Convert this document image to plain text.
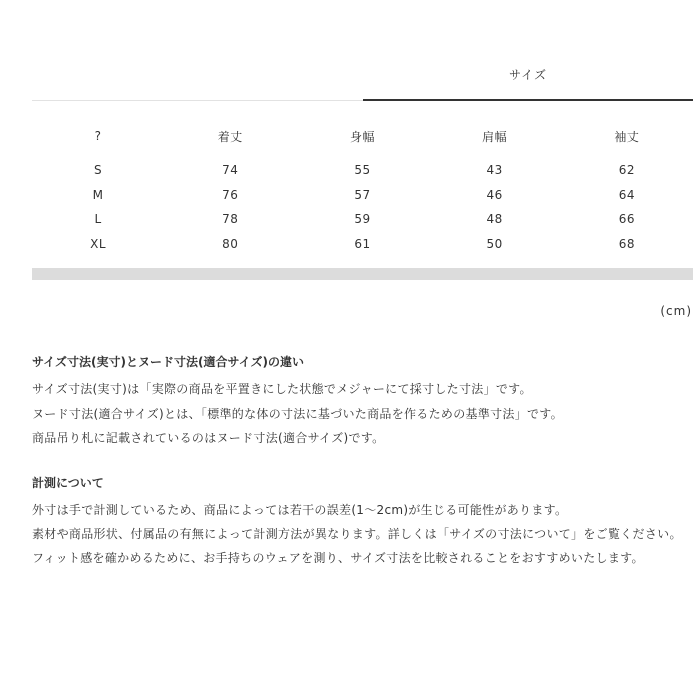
サイズ
?	着丈	身幅	肩幅	袖丈

S	74	55	43	62
M	76	57	46	64
L	78	59	48	66
XL	80	61	50	68
(cm)
サイズ寸法(実寸)とヌード寸法(適合サイズ)の違い

サイズ寸法(実寸)は「実際の商品を平置きにした状態でメジャーにて採寸した寸法」です。

ヌード寸法(適合サイズ)とは、「標準的な体の寸法に基づいた商品を作るための基準寸法」です。

商品吊り札に記載されているのはヌード寸法(適合サイズ)です。

計測について

外寸は手で計測しているため、商品によっては若干の誤差(1～2cm)が生じる可能性があります。

素材や商品形状、付属品の有無によって計測方法が異なります。詳しくは「サイズの寸法について」をご覧ください。

フィット感を確かめるために、お手持ちのウェアを測り、サイズ寸法を比較されることをおすすめいたします。
